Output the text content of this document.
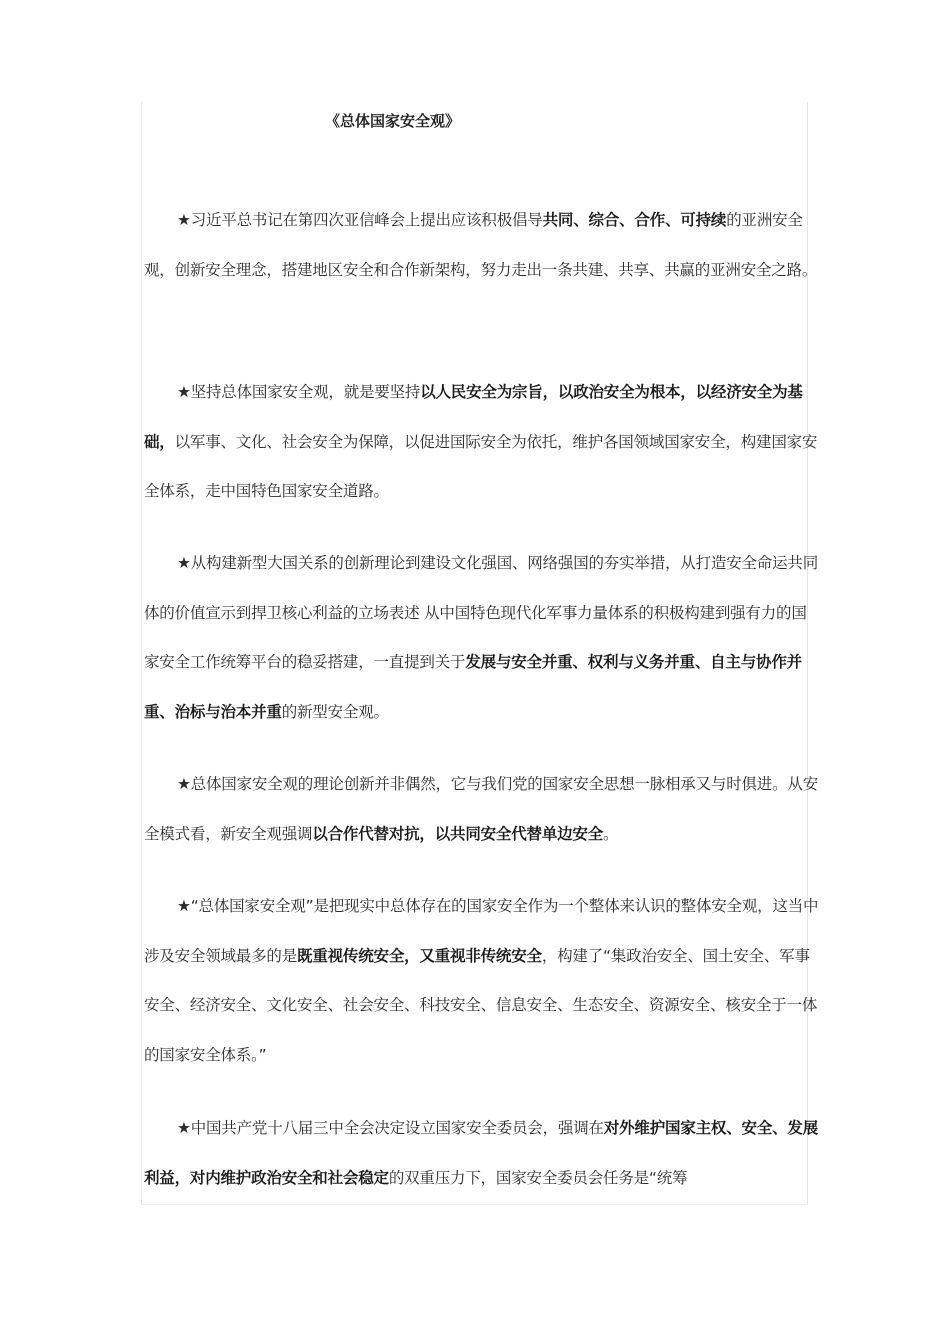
《总体国家安全观》

★习近平总书记在第四次亚信峰会上提出应该积极倡导共同、综合、合作、可持续的亚洲安全观，创新安全理念，搭建地区安全和合作新架构，努力走出一条共建、共享、共赢的亚洲安全之路。

★坚持总体国家安全观，就是要坚持以人民安全为宗旨，以政治安全为根本，以经济安全为基础，以军事、文化、社会安全为保障，以促进国际安全为依托，维护各国领域国家安全，构建国家安全体系，走中国特色国家安全道路。

★从构建新型大国关系的创新理论到建设文化强国、网络强国的夯实举措，从打造安全命运共同体的价值宣示到捍卫核心利益的立场表述 从中国特色现代化军事力量体系的积极构建到强有力的国家安全工作统筹平台的稳妥搭建，一直提到关于发展与安全并重、权利与义务并重、自主与协作并重、治标与治本并重的新型安全观。

★总体国家安全观的理论创新并非偶然，它与我们党的国家安全思想一脉相承又与时俱进。从安全模式看，新安全观强调以合作代替对抗，以共同安全代替单边安全。

★“总体国家安全观”是把现实中总体存在的国家安全作为一个整体来认识的整体安全观，这当中涉及安全领域最多的是既重视传统安全，又重视非传统安全，构建了“集政治安全、国土安全、军事安全、经济安全、文化安全、社会安全、科技安全、信息安全、生态安全、资源安全、核安全于一体的国家安全体系。”

★中国共产党十八届三中全会决定设立国家安全委员会，强调在对外维护国家主权、安全、发展利益，对内维护政治安全和社会稳定的双重压力下，国家安全委员会任务是“统筹
